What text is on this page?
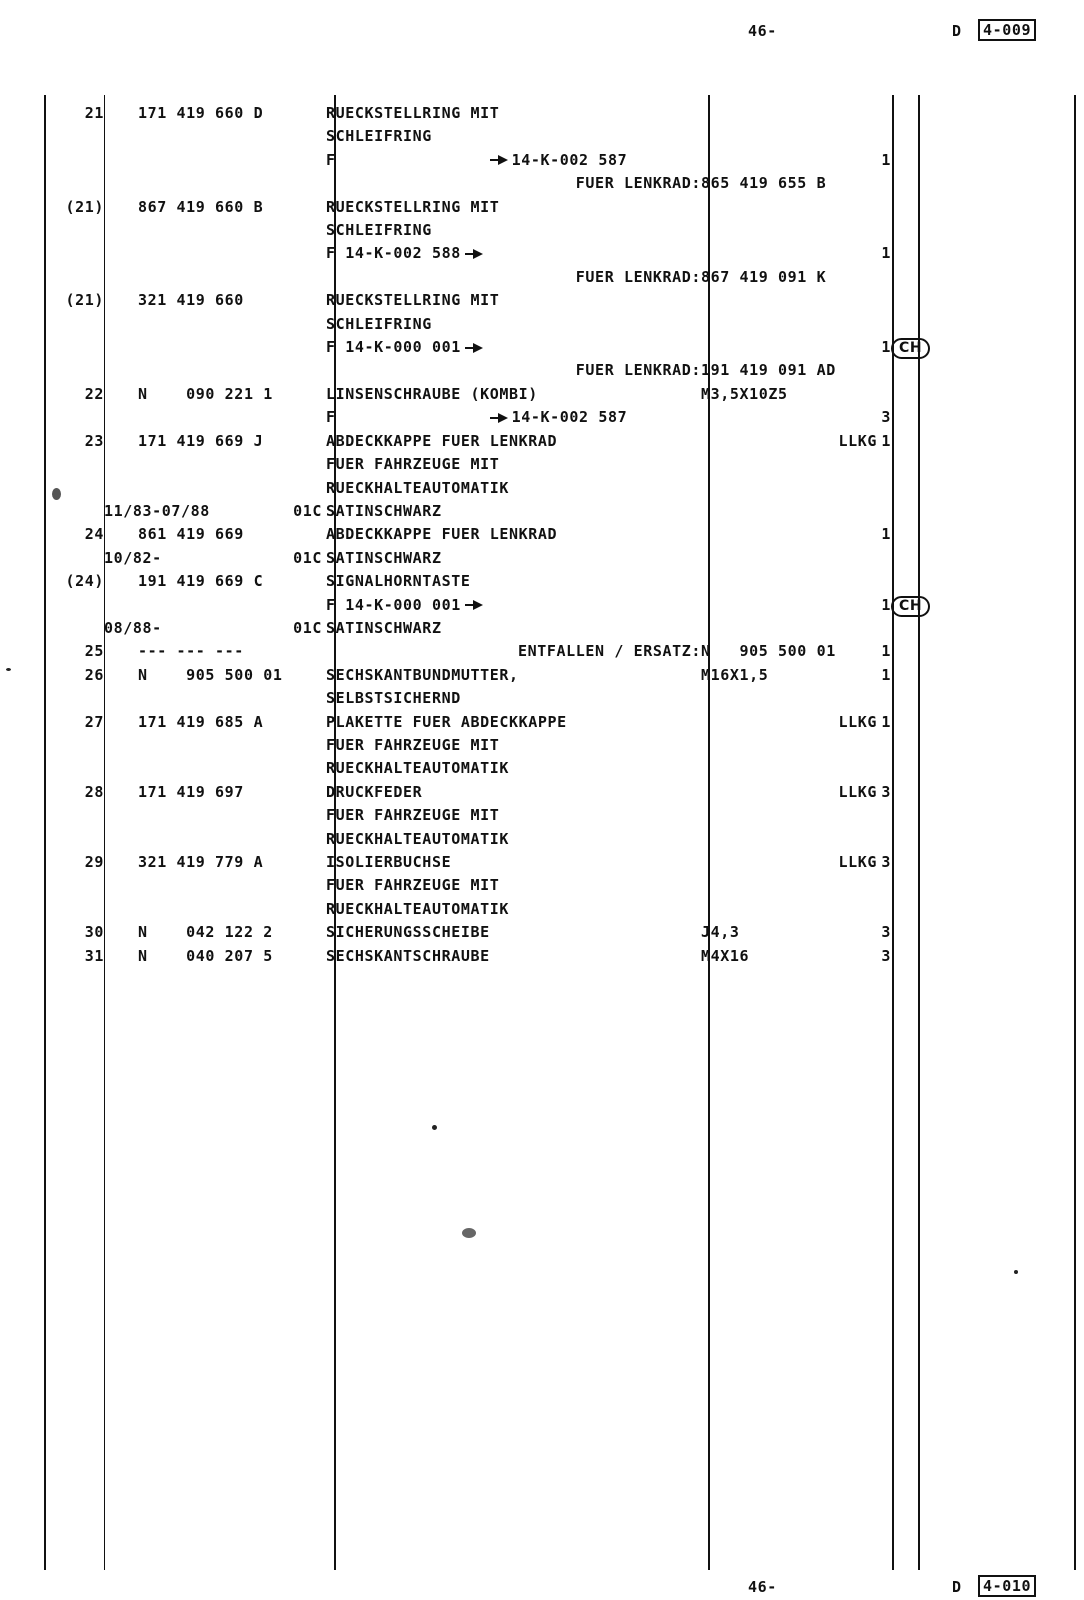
46-	D	4-009
21	171 419 660 D	RUECKSTELLRING MIT			
		SCHLEIFRING			
		F 14-K-002 587		1	
		FUER LENKRAD:	865 419 655 B		
(21)	867 419 660 B	RUECKSTELLRING MIT			
		SCHLEIFRING			
		F 14-K-002 588		1	
		FUER LENKRAD:	867 419 091 K		
(21)	321 419 660	RUECKSTELLRING MIT			
		SCHLEIFRING			
		F 14-K-000 001		1	CH
		FUER LENKRAD:	191 419 091 AD		
22	N    090 221 1	LINSENSCHRAUBE (KOMBI)	M3,5X10Z5		
		F 14-K-002 587		3	
23	171 419 669 J	ABDECKKAPPE FUER LENKRAD	LLKG	1	
		FUER FAHRZEUGE MIT			
		RUECKHALTEAUTOMATIK			

	11/83-07/88 01C	SATINSCHWARZ			
24	861 419 669	ABDECKKAPPE FUER LENKRAD		1	

	10/82- 01C	SATINSCHWARZ			
(24)	191 419 669 C	SIGNALHORNTASTE			
		F 14-K-000 001		1	CH

	08/88- 01C	SATINSCHWARZ			
25	--- --- ---	ENTFALLEN / ERSATZ:	N   905 500 01	1	
26	N    905 500 01	SECHSKANTBUNDMUTTER,	M16X1,5	1	
		SELBSTSICHERND			
27	171 419 685 A	PLAKETTE FUER ABDECKKAPPE	LLKG	1	
		FUER FAHRZEUGE MIT			
		RUECKHALTEAUTOMATIK			
28	171 419 697	DRUCKFEDER	LLKG	3	
		FUER FAHRZEUGE MIT			
		RUECKHALTEAUTOMATIK			
29	321 419 779 A	ISOLIERBUCHSE	LLKG	3	
		FUER FAHRZEUGE MIT			
		RUECKHALTEAUTOMATIK			
30	N    042 122 2	SICHERUNGSSCHEIBE	J4,3	3	
31	N    040 207 5	SECHSKANTSCHRAUBE	M4X16	3	
46-	D	4-010
